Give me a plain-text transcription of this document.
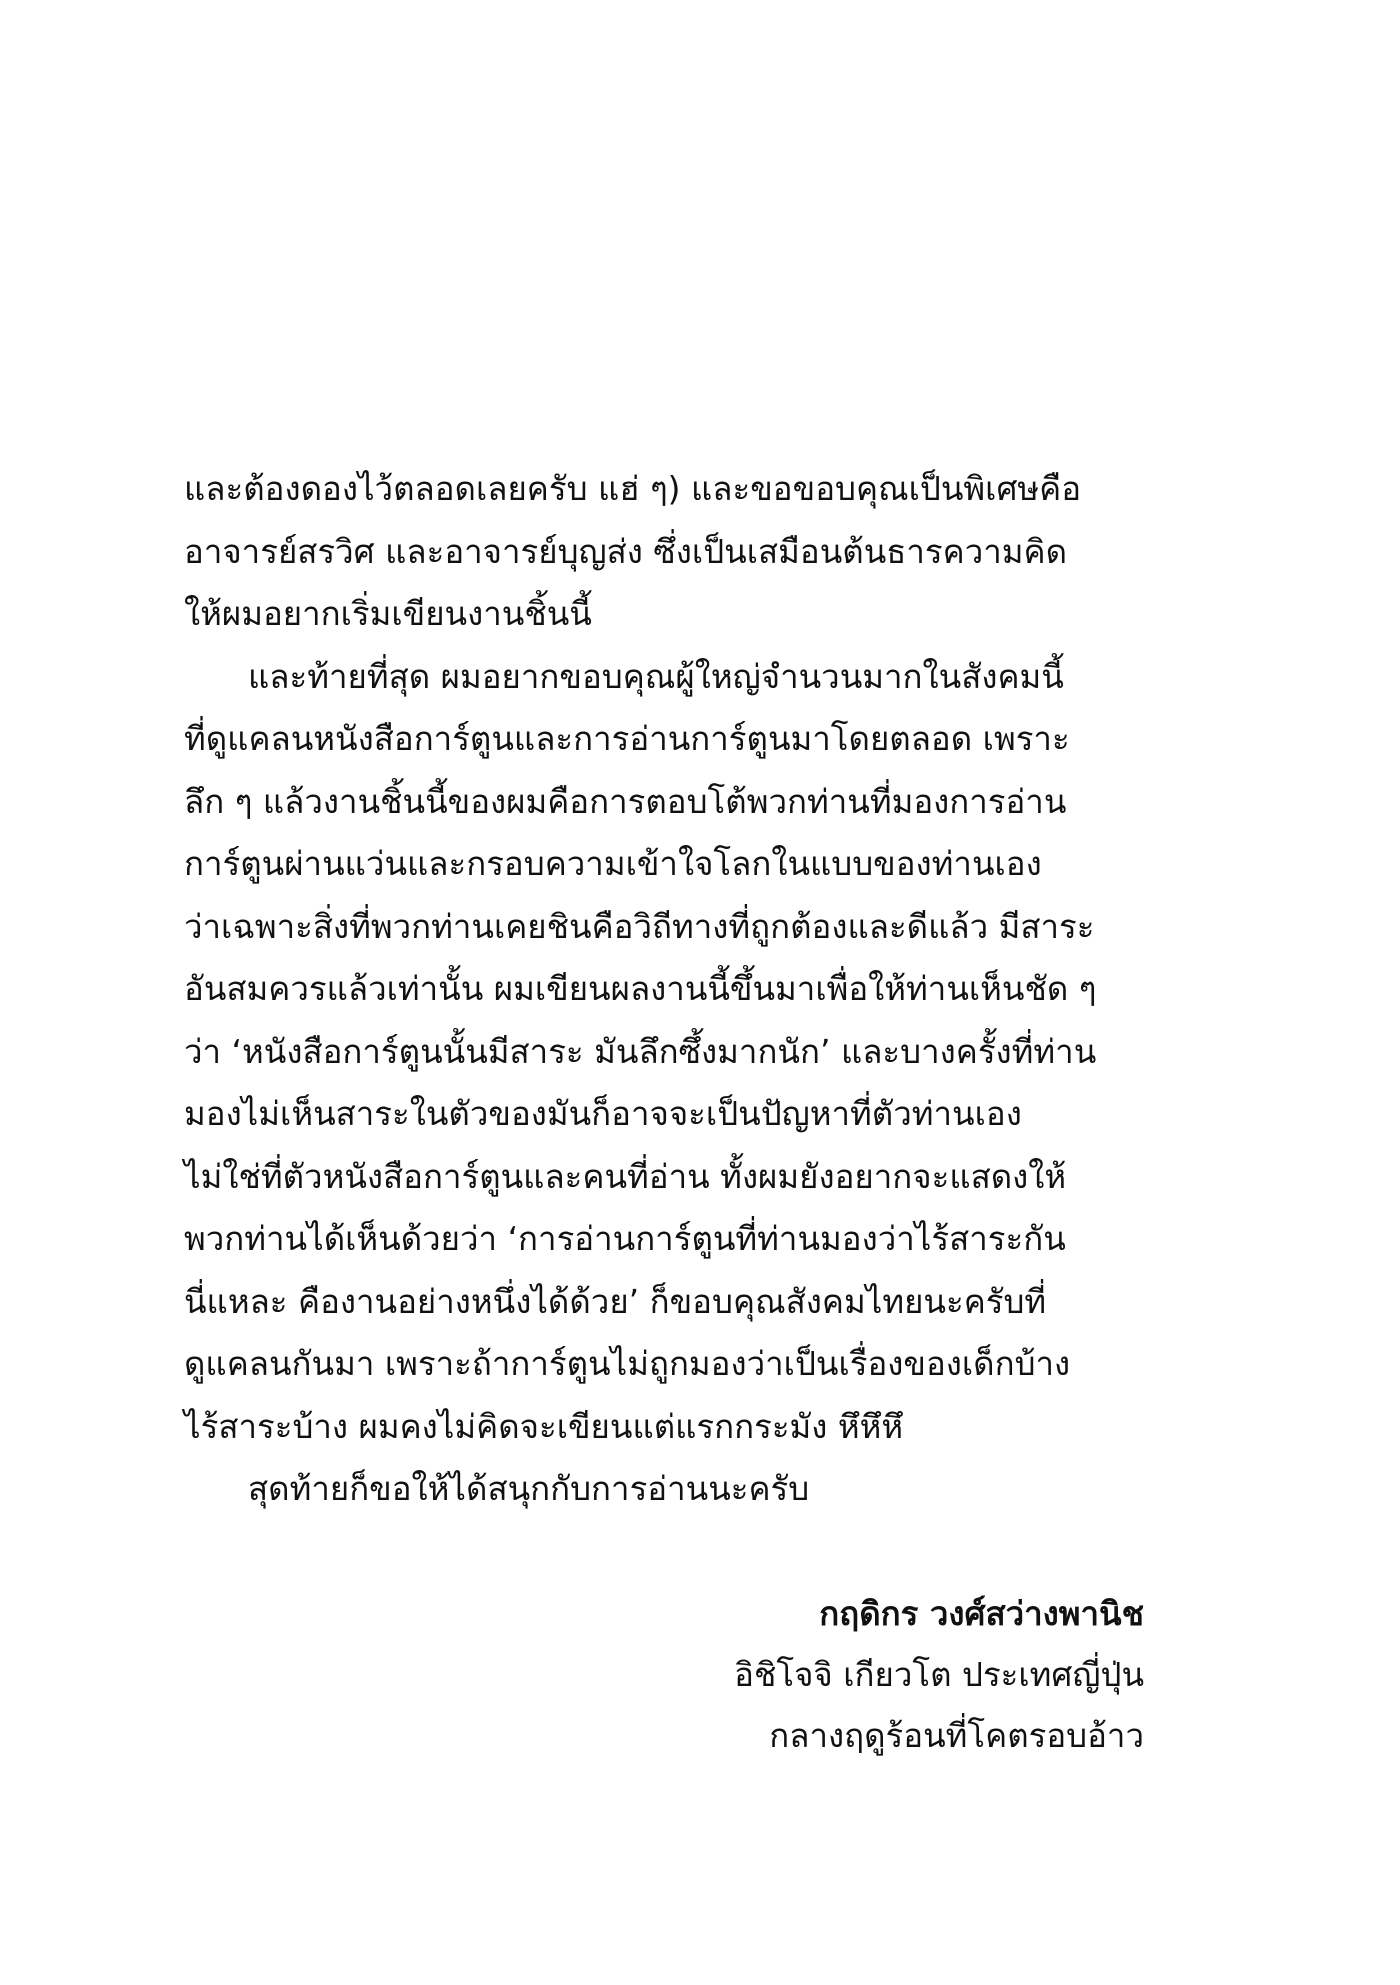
และต้องดองไว้ตลอดเลยครับ แฮ่ ๆ) และขอขอบคุณเป็นพิเศษคือ
อาจารย์สรวิศ และอาจารย์บุญส่ง ซึ่งเป็นเสมือนต้นธารความคิด
ให้ผมอยากเริ่มเขียนงานชิ้นนี้
และท้ายที่สุด ผมอยากขอบคุณผู้ใหญ่จำนวนมากในสังคมนี้
ที่ดูแคลนหนังสือการ์ตูนและการอ่านการ์ตูนมาโดยตลอด เพราะ
ลึก ๆ แล้วงานชิ้นนี้ของผมคือการตอบโต้พวกท่านที่มองการอ่าน
การ์ตูนผ่านแว่นและกรอบความเข้าใจโลกในแบบของท่านเอง
ว่าเฉพาะสิ่งที่พวกท่านเคยชินคือวิถีทางที่ถูกต้องและดีแล้ว มีสาระ
อันสมควรแล้วเท่านั้น ผมเขียนผลงานนี้ขึ้นมาเพื่อให้ท่านเห็นชัด ๆ
ว่า ‘หนังสือการ์ตูนนั้นมีสาระ มันลึกซึ้งมากนัก’ และบางครั้งที่ท่าน
มองไม่เห็นสาระในตัวของมันก็อาจจะเป็นปัญหาที่ตัวท่านเอง
ไม่ใช่ที่ตัวหนังสือการ์ตูนและคนที่อ่าน ทั้งผมยังอยากจะแสดงให้
พวกท่านได้เห็นด้วยว่า ‘การอ่านการ์ตูนที่ท่านมองว่าไร้สาระกัน
นี่แหละ คืองานอย่างหนึ่งได้ด้วย’ ก็ขอบคุณสังคมไทยนะครับที่
ดูแคลนกันมา เพราะถ้าการ์ตูนไม่ถูกมองว่าเป็นเรื่องของเด็กบ้าง
ไร้สาระบ้าง ผมคงไม่คิดจะเขียนแต่แรกกระมัง หึหึหึ
สุดท้ายก็ขอให้ได้สนุกกับการอ่านนะครับ
กฤดิกร วงศ์สว่างพานิช
อิชิโจจิ เกียวโต ประเทศญี่ปุ่น
กลางฤดูร้อนที่โคตรอบอ้าว
